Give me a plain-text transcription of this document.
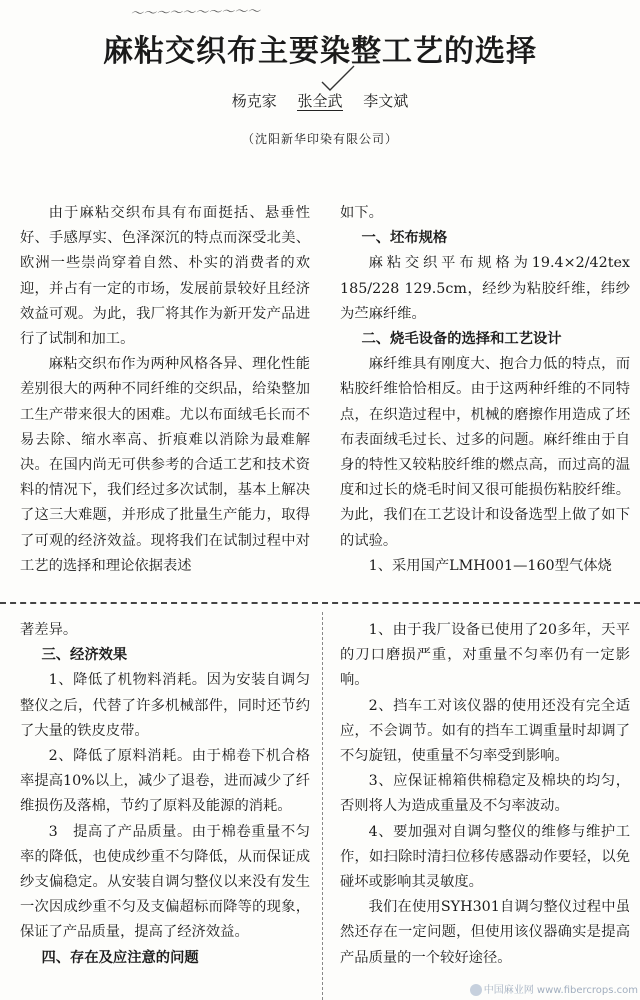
～～～～～～～～～～
麻粘交织布主要染整工艺的选择
杨克家 张全武 李文斌
（沈阳新华印染有限公司）

由于麻粘交织布具有布面挺括、悬垂性好、手感厚实、色泽深沉的特点而深受北美、欧洲一些崇尚穿着自然、朴实的消费者的欢迎，并占有一定的市场，发展前景较好且经济效益可观。为此，我厂将其作为新开发产品进行了试制和加工。

麻粘交织布作为两种风格各异、理化性能差别很大的两种不同纤维的交织品，给染整加工生产带来很大的困难。尤以布面绒毛长而不易去除、缩水率高、折痕难以消除为最难解决。在国内尚无可供参考的合适工艺和技术资料的情况下，我们经过多次试制，基本上解决了这三大难题，并形成了批量生产能力，取得了可观的经济效益。现将我们在试制过程中对工艺的选择和理论依据表述

如下。

一、坯布规格

麻粘交织平布规格为19.4×2/42tex 185/228 129.5cm，经纱为粘胶纤维，纬纱为苎麻纤维。

二、烧毛设备的选择和工艺设计

麻纤维具有刚度大、抱合力低的特点，而粘胶纤维恰恰相反。由于这两种纤维的不同特点，在织造过程中，机械的磨擦作用造成了坯布表面绒毛过长、过多的问题。麻纤维由于自身的特性又较粘胶纤维的燃点高，而过高的温度和过长的烧毛时间又很可能损伤粘胶纤维。为此，我们在工艺设计和设备选型上做了如下的试验。

1、采用国产LMH001—160型气体烧

著差异。

三、经济效果

1、降低了机物料消耗。因为安装自调匀整仪之后，代替了许多机械部件，同时还节约了大量的铁皮皮带。

2、降低了原料消耗。由于棉卷下机合格率提高10%以上，减少了退卷，进而减少了纤维损伤及落棉，节约了原料及能源的消耗。

3　提高了产品质量。由于棉卷重量不匀率的降低，也使成纱重不匀降低，从而保证成纱支偏稳定。从安装自调匀整仪以来没有发生一次因成纱重不匀及支偏超标而降等的现象，保证了产品质量，提高了经济效益。

四、存在及应注意的问题

1、由于我厂设备已使用了20多年，天平的刀口磨损严重，对重量不匀率仍有一定影响。

2、挡车工对该仪器的使用还没有完全适应，不会调节。如有的挡车工调重量时却调了不匀旋钮，使重量不匀率受到影响。

3、应保证棉箱供棉稳定及棉块的均匀，否则将人为造成重量及不匀率波动。

4、要加强对自调匀整仪的维修与维护工作，如扫除时清扫位移传感器动作要轻，以免碰坏或影响其灵敏度。

我们在使用SYH301自调匀整仪过程中虽然还存在一定问题，但使用该仪器确实是提高产品质量的一个较好途径。

中国麻业网 www.fibercrops.com
